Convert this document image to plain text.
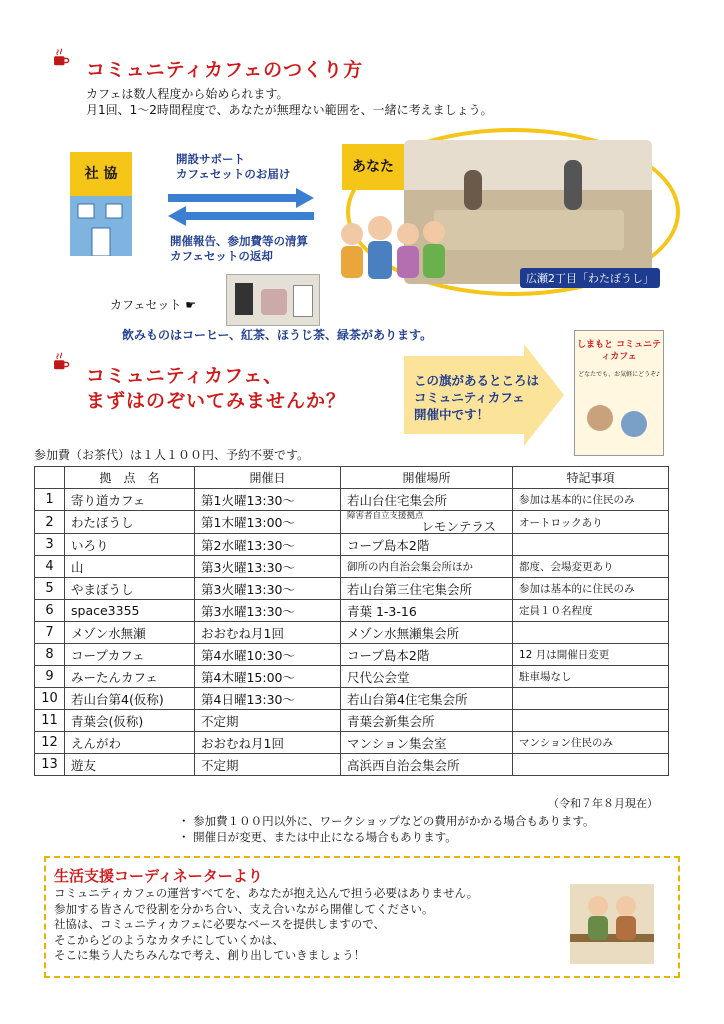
コミュニティカフェのつくり方
カフェは数人程度から始められます。
月1回、1～2時間程度で、あなたが無理ない範囲を、一緒に考えましょう。
社 協
開設サポート
カフェセットのお届け
開催報告、参加費等の清算
カフェセットの返却
あなた
広瀬2丁目「わたぼうし」
カフェセット ☛
飲みものはコーヒー、紅茶、ほうじ茶、緑茶があります。
コミュニティカフェ、
まずはのぞいてみませんか？
この旗があるところは
コミュニティカフェ
開催中です！
しまもと コミュニティカフェ
どなたでも、お気軽にどうぞ♪
参加費（お茶代）は１人１００円、予約不要です。
	拠　点　名	開催日	開催場所	特記事項
1	寄り道カフェ	第1火曜13:30～	若山台住宅集会所	参加は基本的に住民のみ
2	わたぼうし	第1木曜13:00～	障害者自立支援拠点
レモンテラス	オートロックあり
3	いろり	第2水曜13:30～	コープ島本2階	
4	山	第3火曜13:30～	御所の内自治会集会所ほか	都度、会場変更あり
5	やまぼうし	第3火曜13:30～	若山台第三住宅集会所	参加は基本的に住民のみ
6	space3355	第3水曜13:30～	青葉 1-3-16	定員１０名程度
7	メゾン水無瀬	おおむね月1回	メゾン水無瀬集会所	
8	コープカフェ	第4水曜10:30～	コープ島本2階	12 月は開催日変更
9	みーたんカフェ	第4木曜15:00～	尺代公会堂	駐車場なし
10	若山台第4(仮称)	第4日曜13:30～	若山台第4住宅集会所	
11	青葉会(仮称)	不定期	青葉会新集会所	
12	えんがわ	おおむね月1回	マンション集会室	マンション住民のみ
13	遊友	不定期	高浜西自治会集会所	
（令和７年８月現在）
・ 参加費１００円以外に、ワークショップなどの費用がかかる場合もあります。
・ 開催日が変更、または中止になる場合もあります。
生活支援コーディネーターより
コミュニティカフェの運営すべてを、あなたが抱え込んで担う必要はありません。
参加する皆さんで役割を分かち合い、支え合いながら開催してください。
社協は、コミュニティカフェに必要なベースを提供しますので、
そこからどのようなカタチにしていくかは、
そこに集う人たちみんなで考え、創り出していきましょう！
